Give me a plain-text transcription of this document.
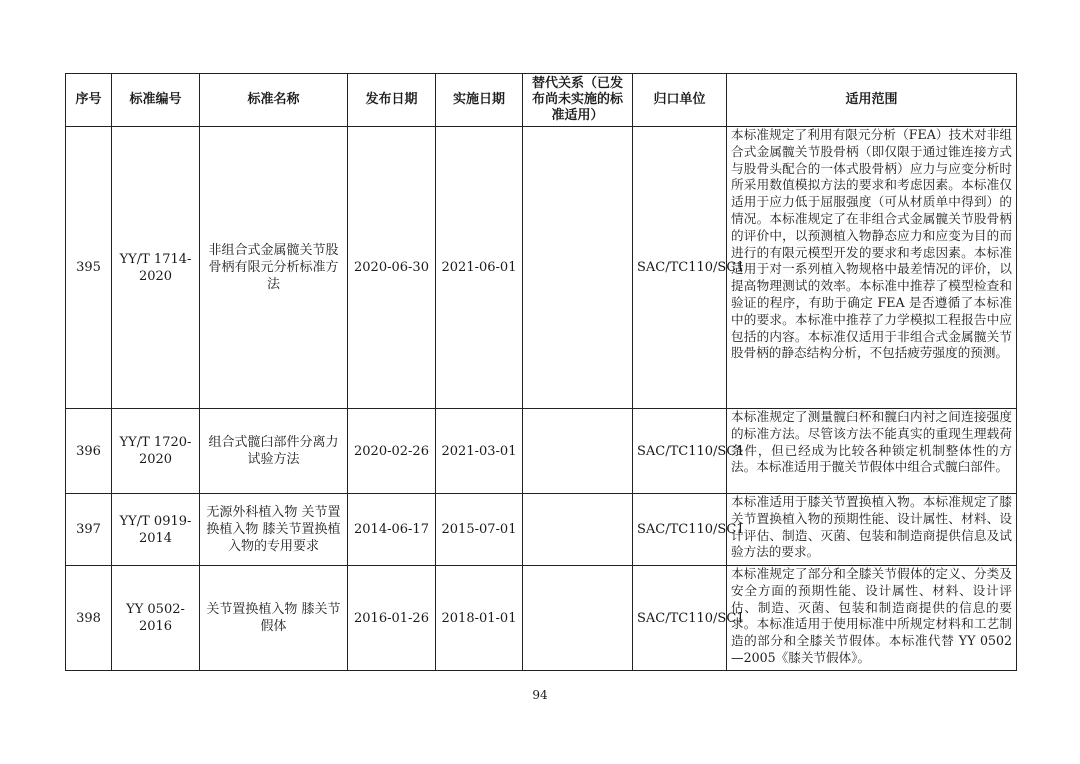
序号	标准编号	标准名称	发布日期	实施日期	替代关系（已发布尚未实施的标准适用）	归口单位	适用范围
395	YY/T 1714-2020	非组合式金属髋关节股骨柄有限元分析标准方法	2020-06-30	2021-06-01		SAC/TC110/SC1	本标准规定了利用有限元分析（FEA）技术对非组合式金属髋关节股骨柄（即仅限于通过锥连接方式与股骨头配合的一体式股骨柄）应力与应变分析时所采用数值模拟方法的要求和考虑因素。本标准仅适用于应力低于屈服强度（可从材质单中得到）的情况。本标准规定了在非组合式金属髋关节股骨柄的评价中，以预测植入物静态应力和应变为目的而进行的有限元模型开发的要求和考虑因素。本标准适用于对一系列植入物规格中最差情况的评价，以提高物理测试的效率。本标准中推荐了模型检查和验证的程序，有助于确定 FEA 是否遵循了本标准中的要求。本标准中推荐了力学模拟工程报告中应包括的内容。本标准仅适用于非组合式金属髋关节股骨柄的静态结构分析，不包括疲劳强度的预测。
396	YY/T 1720-2020	组合式髋臼部件分离力试验方法	2020-02-26	2021-03-01		SAC/TC110/SC1	本标准规定了测量髋臼杯和髋臼内衬之间连接强度的标准方法。尽管该方法不能真实的重现生理载荷条件，但已经成为比较各种锁定机制整体性的方法。本标准适用于髋关节假体中组合式髋臼部件。
397	YY/T 0919-2014	无源外科植入物 关节置换植入物 膝关节置换植入物的专用要求	2014-06-17	2015-07-01		SAC/TC110/SC1	本标准适用于膝关节置换植入物。本标准规定了膝关节置换植入物的预期性能、设计属性、材料、设计评估、制造、灭菌、包装和制造商提供信息及试验方法的要求。
398	YY 0502-2016	关节置换植入物 膝关节假体	2016-01-26	2018-01-01		SAC/TC110/SC1	本标准规定了部分和全膝关节假体的定义、分类及安全方面的预期性能、设计属性、材料、设计评估、制造、灭菌、包装和制造商提供的信息的要求。本标准适用于使用标准中所规定材料和工艺制造的部分和全膝关节假体。本标准代替 YY 0502—2005《膝关节假体》。
94
